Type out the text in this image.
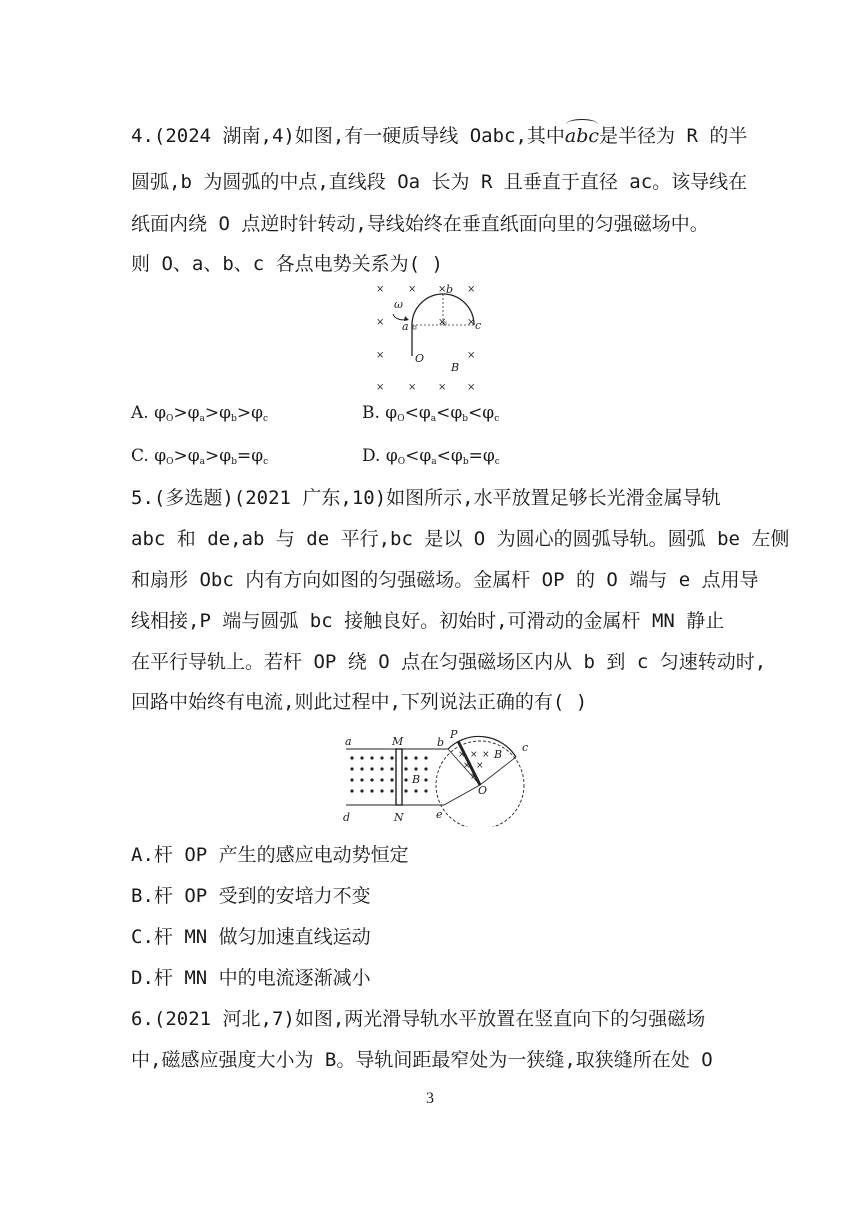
4.(2024 湖南,4)如图,有一硬质导线 Oabc,其中abc是半径为 R 的半
圆弧,b 为圆弧的中点,直线段 Oa 长为 R 且垂直于直径 ac。该导线在
纸面内绕 O 点逆时针转动,导线始终在垂直纸面向里的匀强磁场中。
则 O、a、b、c 各点电势关系为( )
× × × ×
×	× ×
×	×
× × × ×
ω
a
b
c
O
B
A. $\varphi_O>\varphi_a>\varphi_b>\varphi_c$	B. $\varphi_O<\varphi_a<\varphi_b<\varphi_c$
C. $\varphi_O>\varphi_a>\varphi_b=\varphi_c$	D. $\varphi_O<\varphi_a<\varphi_b=\varphi_c$
5.(多选题)(2021 广东,10)如图所示,水平放置足够长光滑金属导轨
abc 和 de,ab 与 de 平行,bc 是以 O 为圆心的圆弧导轨。圆弧 be 左侧
和扇形 Obc 内有方向如图的匀强磁场。金属杆 OP 的 O 端与 e 点用导
线相接,P 端与圆弧 bc 接触良好。初始时,可滑动的金属杆 MN 静止
在平行导轨上。若杆 OP 绕 O 点在匀强磁场区内从 b 到 c 匀速转动时,
回路中始终有电流,则此过程中,下列说法正确的有( )
× × ×
× ×
×
a	M	b
P
c
B
O
B
d	N	e
A.杆 OP 产生的感应电动势恒定
B.杆 OP 受到的安培力不变
C.杆 MN 做匀加速直线运动
D.杆 MN 中的电流逐渐减小
6.(2021 河北,7)如图,两光滑导轨水平放置在竖直向下的匀强磁场
中,磁感应强度大小为 B。导轨间距最窄处为一狭缝,取狭缝所在处 O
3
